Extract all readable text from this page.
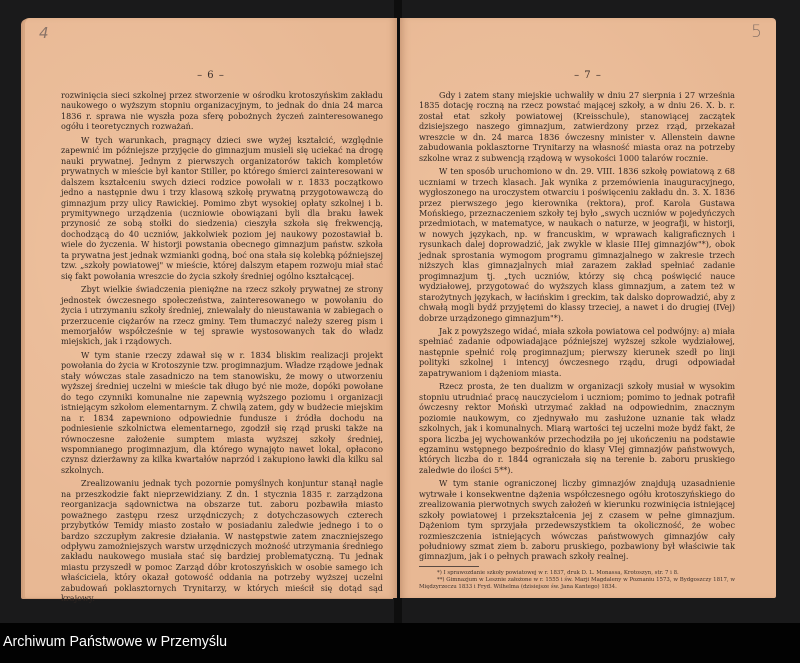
4
– 6 –

rozwinięcia sieci szkolnej przez stworzenie w ośrodku krotoszyńskim zakładu naukowego o wyższym stopniu organizacyjnym, to jednak do dnia 24 marca 1836 r. sprawa nie wyszła poza sferę pobożnych życzeń zainteresowanego ogółu i teoretycznych rozważań.

W tych warunkach, pragnący dzieci swe wyżej kształcić, względnie zapewnić im późniejsze przyjęcie do gimnazjum musieli się uciekać na drogę nauki prywatnej. Jednym z pierwszych organizatorów takich kompletów prywatnych w mieście był kantor Stiller, po którego śmierci zainteresowani w dalszem kształceniu swych dzieci rodzice powołali w r. 1833 początkowo jedno a następnie dwu i trzy klasową szkołę prywatną przygotowawczą do gimnazjum przy ulicy Rawickiej. Pomimo zbyt wysokiej opłaty szkolnej i b. prymitywnego urządzenia (uczniowie obowiązani byli dla braku ławek przynosić ze sobą stołki do siedzenia) cieszyła szkoła się frekwencją, dochodzącą do 40 uczniów, jakkolwiek poziom jej naukowy pozostawiał b. wiele do życzenia. W historji powstania obecnego gimnazjum państw. szkoła ta prywatna jest jednak wzmianki godną, boć ona stała się kolebką późniejszej tzw. „szkoły powiatowej" w mieście, której dalszym etapem rozwoju miał stać się fakt powołania wreszcie do życia szkoły średniej ogólno kształcącej.

Zbyt wielkie świadczenia pieniężne na rzecz szkoły prywatnej ze strony jednostek ówczesnego społeczeństwa, zainteresowanego w powołaniu do życia i utrzymaniu szkoły średniej, zniewalały do nieustawania w zabiegach o przerzucenie ciężarów na rzecz gminy. Tem tłumaczyć należy szereg pism i memorjałów współcześnie w tej sprawie wystosowanych tak do władz miejskich, jak i rządowych.

W tym stanie rzeczy zdawał się w r. 1834 bliskim realizacji projekt powołania do życia w Krotoszynie tzw. progimnazjum. Władze rządowe jednak stały wówczas stale zasadniczo na tem stanowisku, że mowy o utworzeniu wyższej średniej uczelni w mieście tak długo być nie może, dopóki powołane do tego czynniki komunalne nie zapewnią wyższego poziomu i organizacji istniejącym szkołom elementarnym. Z chwilą zatem, gdy w budżecie miejskim na r. 1834 zapewniono odpowiednie fundusze i źródła dochodu na podniesienie szkolnictwa elementarnego, zgodził się rząd pruski także na równoczesne założenie sumptem miasta wyższej szkoły średniej, wspomnianego progimnazjum, dla którego wynajęto nawet lokal, opłacono czynsz dzierżawny za kilka kwartałów naprzód i zakupiono ławki dla kilku sal szkolnych.

Zrealizowaniu jednak tych pozornie pomyślnych konjuntur stanął nagle na przeszkodzie fakt nieprzewidziany. Z dn. 1 stycznia 1835 r. zarządzona reorganizacja sądownictwa na obszarze tut. zaboru pozbawiła miasto poważnego zastępu rzesz urzędniczych; z dotychczasowych czterech przybytków Temidy miasto zostało w posiadaniu zaledwie jednego i to o bardzo szczupłym zakresie działania. W następstwie zatem znaczniejszego odpływu zamożniejszych warstw urzędniczych możność utrzymania średniego zakładu naukowego musiała stać się bardziej problematyczną. Tu jednak miastu przyszedł w pomoc Zarząd dóbr krotoszyńskich w osobie samego ich właściciela, który okazał gotowość oddania na potrzeby wyższej uczelni zabudowań poklasztornych Trynitarzy, w których mieścił się dotąd sąd krajowy.

5
– 7 –

Gdy i zatem stany miejskie uchwaliły w dniu 27 sierpnia i 27 września 1835 dotację roczną na rzecz powstać mającej szkoły, a w dniu 26. X. b. r. został etat szkoły powiatowej (Kreisschule), stanowiącej zaczątek dzisiejszego naszego gimnazjum, zatwierdzony przez rząd, przekazał wreszcie w dn. 24 marca 1836 ówczesny minister v. Allenstein dawne zabudowania poklasztorne Trynitarzy na własność miasta oraz na potrzeby szkolne wraz z subwencją rządową w wysokości 1000 talarów rocznie.

W ten sposób uruchomiono w dn. 29. VIII. 1836 szkołę powiatową z 68 uczniami w trzech klasach. Jak wynika z przemówienia inauguracyjnego, wygłoszonego na uroczystem otwarciu i poświęceniu zakładu dn. 3. X. 1836 przez pierwszego jego kierownika (rektora), prof. Karola Gustawa Mońskiego, przeznaczeniem szkoły tej było „swych uczniów w pojedyńczych przedmiotach, w matematyce, w naukach o naturze, w jeografji, w historji, w nowych językach, np. w francuskim, w wprawach kaligraficznych i rysunkach dalej doprowadzić, jak zwykle w klasie IIIej gimnazjów"*), obok jednak sprostania wymogom programu gimnazjalnego w zakresie trzech niższych klas gimnazjalnych miał zarazem zakład spełniać zadanie progimnazjum tj. „tych uczniów, którzy się chcą poświęcić nauce wydziałowej, przygotować do wyższych klass gimnazjum, a zatem też w starożytnych językach, w łacińskim i greckim, tak dalsko doprowadzić, aby z chwałą mogli bydź przyjętemi do klassy trzeciej, a nawet i do drugiej (IVej) dobrze urządzonego gimnazjum"*).

Jak z powyższego widać, miała szkoła powiatowa cel podwójny: a) miała spełniać zadanie odpowiadające późniejszej wyższej szkole wydziałowej, następnie spełnić rolę progimnazjum; pierwszy kierunek szedł po linji polityki szkolnej i intencyj ówczesnego rządu, drugi odpowiadał zapatrywaniom i dążeniom miasta.

Rzecz prosta, że ten dualizm w organizacji szkoły musiał w wysokim stopniu utrudniać pracę nauczycielom i uczniom; pomimo to jednak potrafił ówczesny rektor Mońskì utrzymać zakład na odpowiednim, znacznym poziomie naukowym, co zjednywało mu zasłużone uznanie tak władz szkolnych, jak i komunalnych. Miarą wartości tej uczelni może bydź fakt, że spora liczba jej wychowanków przechodziła po jej ukończeniu na podstawie egzaminu wstępnego bezpośrednio do klasy VIej gimnazjów państwowych, których liczba do r. 1844 ograniczała się na terenie b. zaboru pruskiego zaledwie do ilości 5**).

W tym stanie ograniczonej liczby gimnazjów znajdują uzasadnienie wytrwałe i konsekwentne dążenia współczesnego ogółu krotoszyńskiego do zrealizowania pierwotnych swych założeń w kierunku rozwinięcia istniejącej szkoły powiatowej i przekształcenia jej z czasem w pełne gimnazjum. Dążeniom tym sprzyjała przedewszystkiem ta okoliczność, że wobec rozmieszczenia istniejących wówczas państwowych gimnazjów cały południowy szmat ziem b. zaboru pruskiego, pozbawiony był właściwie tak gimnazjum, jak i o pełnych prawach szkoły realnej.

*) I sprawozdanie szkoły powiatowej w r. 1837, druk D. L. Monassa, Krotoszyn, str. 7 i 8.

**) Gimnazjum w Lesznie założone w r. 1555 i św. Marji Magdaleny w Poznaniu 1573, w Bydgoszczy 1817, w Międzyrzeczu 1833 i Fryd. Wilhelma (dzisiejsze św. Jana Kantego) 1834.

Archiwum Państwowe w Przemyślu
